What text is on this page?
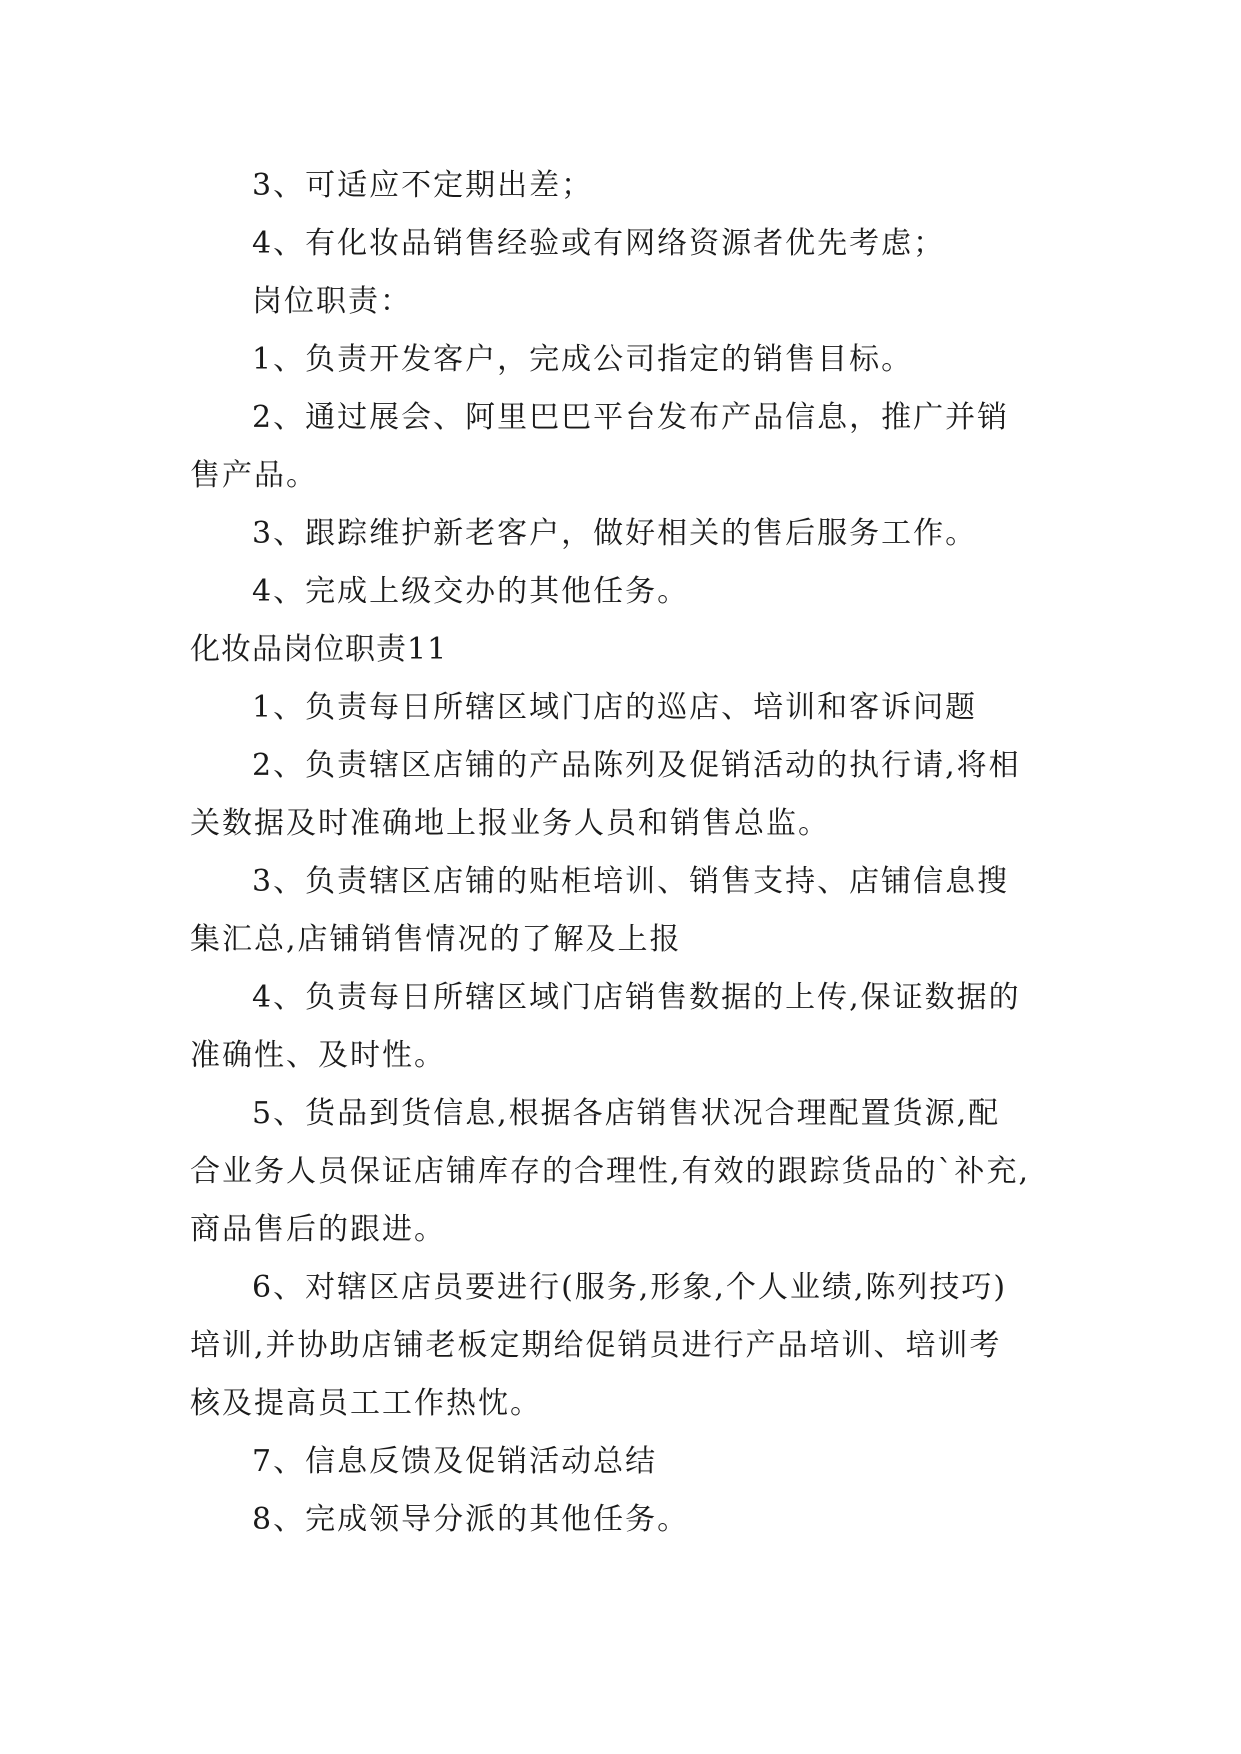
3、可适应不定期出差；
4、有化妆品销售经验或有网络资源者优先考虑；
岗位职责：
1、负责开发客户，完成公司指定的销售目标。
2、通过展会、阿里巴巴平台发布产品信息，推广并销
售产品。
3、跟踪维护新老客户，做好相关的售后服务工作。
4、完成上级交办的其他任务。
化妆品岗位职责11
1、负责每日所辖区域门店的巡店、培训和客诉问题
2、负责辖区店铺的产品陈列及促销活动的执行请,将相
关数据及时准确地上报业务人员和销售总监。
3、负责辖区店铺的贴柜培训、销售支持、店铺信息搜
集汇总,店铺销售情况的了解及上报
4、负责每日所辖区域门店销售数据的上传,保证数据的
准确性、及时性。
5、货品到货信息,根据各店销售状况合理配置货源,配
合业务人员保证店铺库存的合理性,有效的跟踪货品的`补充,
商品售后的跟进。
6、对辖区店员要进行(服务,形象,个人业绩,陈列技巧)
培训,并协助店铺老板定期给促销员进行产品培训、培训考
核及提高员工工作热忱。
7、信息反馈及促销活动总结
8、完成领导分派的其他任务。
